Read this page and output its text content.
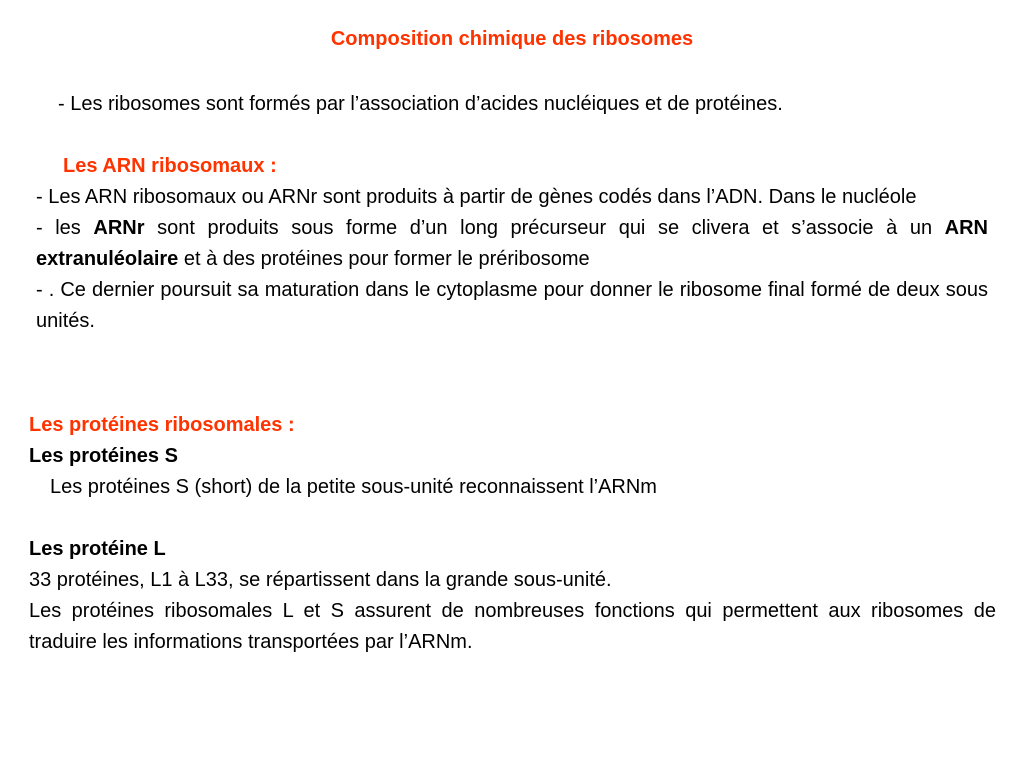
Composition chimique des ribosomes

- Les ribosomes sont formés par l’association d’acides nucléiques et de protéines.

Les ARN ribosomaux :

- Les ARN ribosomaux ou ARNr sont produits à partir de gènes codés dans l’ADN. Dans le nucléole

- les ARNr sont produits sous forme d’un long précurseur qui se clivera et s’associe à un ARN extranuléolaire et à des protéines pour former le préribosome

- . Ce dernier poursuit sa maturation dans le cytoplasme pour donner le ribosome final formé de deux sous unités.

Les protéines ribosomales :

Les protéines S

Les protéines S (short) de la petite sous-unité reconnaissent l’ARNm

Les protéine L

33 protéines, L1 à L33, se répartissent dans la grande sous-unité.

Les protéines ribosomales L et S assurent de nombreuses fonctions qui permettent aux ribosomes de traduire les informations transportées par l’ARNm.
